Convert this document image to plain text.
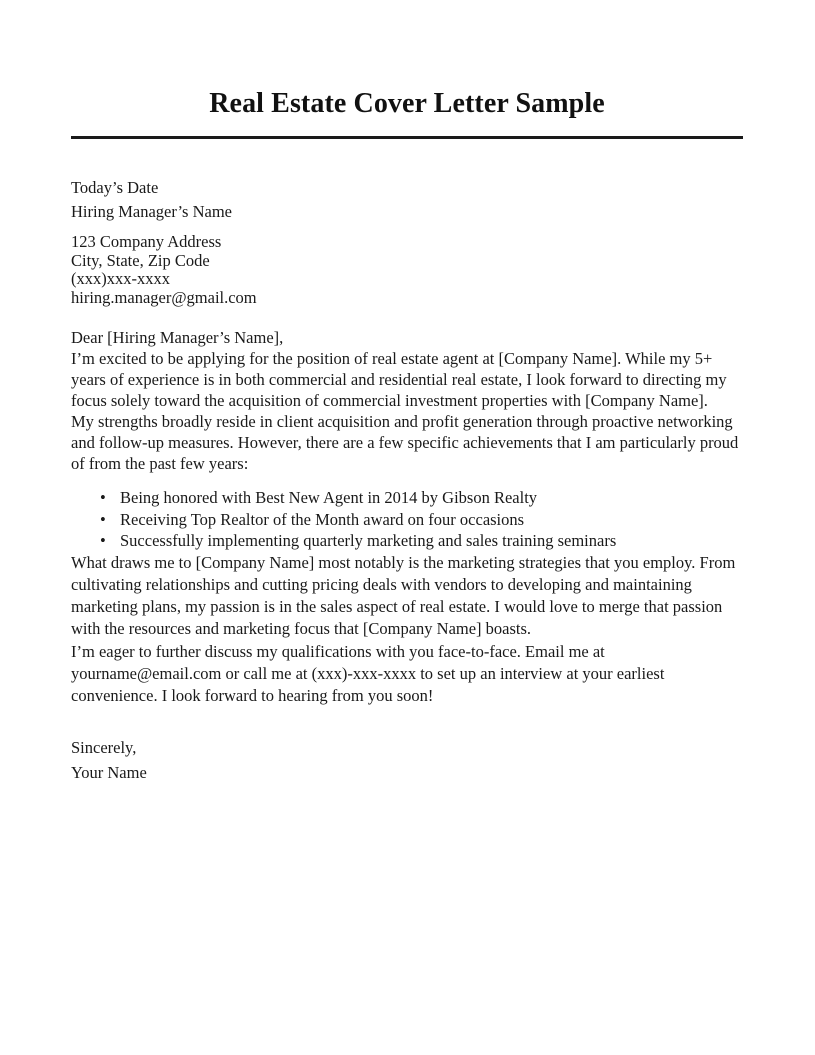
Real Estate Cover Letter Sample
Today’s Date
Hiring Manager’s Name
123 Company Address
City, State, Zip Code
(xxx)xxx-xxxx
hiring.manager@gmail.com
Dear [Hiring Manager’s Name],

I’m excited to be applying for the position of real estate agent at [Company Name]. While my 5+ years of experience is in both commercial and residential real estate, I look forward to directing my focus solely toward the acquisition of commercial investment properties with [Company Name].

My strengths broadly reside in client acquisition and profit generation through proactive networking and follow-up measures. However, there are a few specific achievements that I am particularly proud of from the past few years:

• Being honored with Best New Agent in 2014 by Gibson Realty
• Receiving Top Realtor of the Month award on four occasions
• Successfully implementing quarterly marketing and sales training seminars

What draws me to [Company Name] most notably is the marketing strategies that you employ. From cultivating relationships and cutting pricing deals with vendors to developing and maintaining marketing plans, my passion is in the sales aspect of real estate. I would love to merge that passion with the resources and marketing focus that [Company Name] boasts.

I’m eager to further discuss my qualifications with you face-to-face. Email me at yourname@email.com or call me at (xxx)-xxx-xxxx to set up an interview at your earliest convenience. I look forward to hearing from you soon!

Sincerely,
Your Name
